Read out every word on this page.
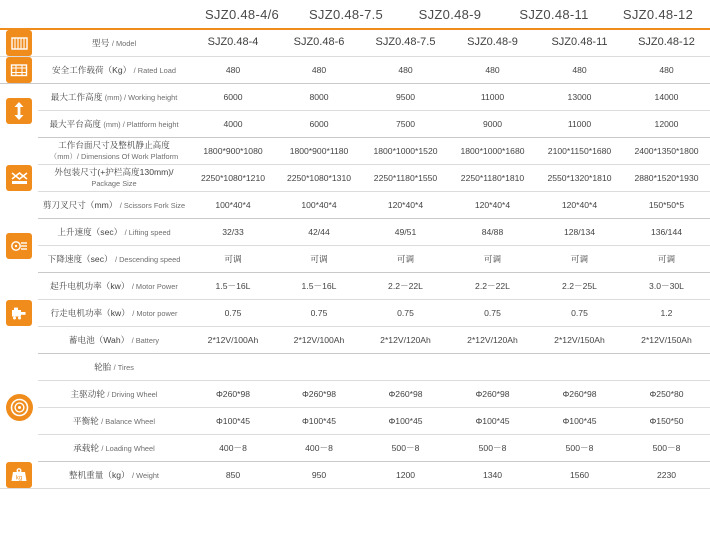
SJZ0.48-4/6	SJZ0.48-7.5	SJZ0.48-9	SJZ0.48-11	SJZ0.48-12
	型号 / Model	SJZ0.48-4	SJZ0.48-6	SJZ0.48-7.5	SJZ0.48-9	SJZ0.48-11	SJZ0.48-12

	安全工作载荷（Kg） / Rated Load	480	480	480	480	480	480

	最大工作高度 (mm) / Working height	6000	8000	9500	11000	13000	14000
	最大平台高度 (mm) / Plattform height	4000	6000	7500	9000	11000	12000

	工作台面尺寸及整机静止高度
（mm）/ Dimensions Of Work Platform	1800*900*1080	1800*900*1180	1800*1000*1520	1800*1000*1680	2100*1150*1680	2400*1350*1800
	外包装尺寸(+护栏高度130mm)/
Package Size	2250*1080*1210	2250*1080*1310	2250*1180*1550	2250*1180*1810	2550*1320*1810	2880*1520*1930
	剪刀叉尺寸（mm） / Scissors Fork Size	100*40*4	100*40*4	120*40*4	120*40*4	120*40*4	150*50*5

	上升速度（sec） / Lifting speed	32/33	42/44	49/51	84/88	128/134	136/144
	下降速度（sec） / Descending speed	可调	可调	可调	可调	可调	可调

	起升电机功率（kw） / Motor Power	1.5－16L	1.5－16L	2.2－22L	2.2－22L	2.2－25L	3.0－30L
	行走电机功率（kw） / Motor power	0.75	0.75	0.75	0.75	0.75	1.2
	蓄电池（Wah） / Battery	2*12V/100Ah	2*12V/100Ah	2*12V/120Ah	2*12V/120Ah	2*12V/150Ah	2*12V/150Ah

	轮胎 / Tires						
	主驱动轮 / Driving Wheel	Φ260*98	Φ260*98	Φ260*98	Φ260*98	Φ260*98	Φ250*80
	平衡轮 / Balance Wheel	Φ100*45	Φ100*45	Φ100*45	Φ100*45	Φ100*45	Φ150*50
	承载轮 / Loading Wheel	400－8	400－8	500－8	500－8	500－8	500－8

kg	整机重量（kg） / Weight	850	950	1200	1340	1560	2230
